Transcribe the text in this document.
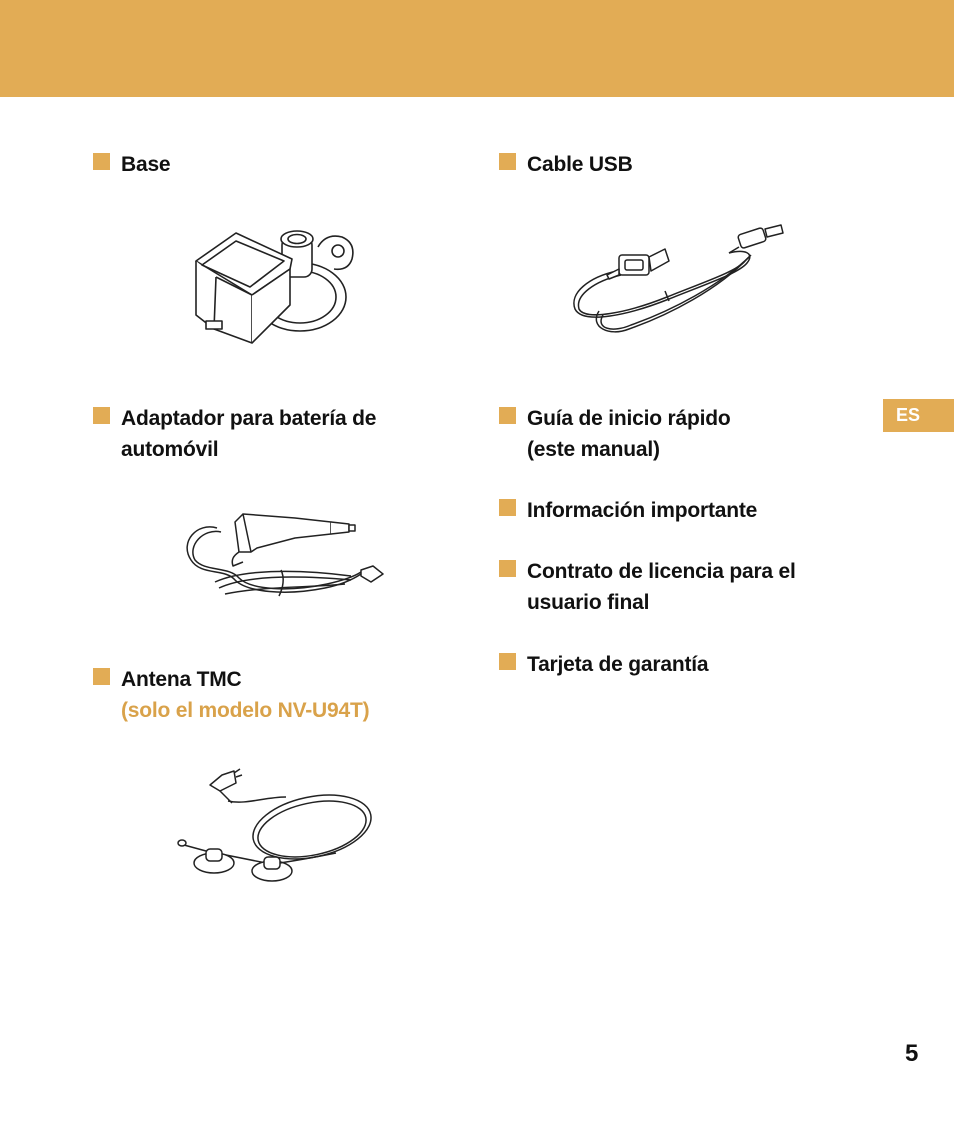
Base
Adaptador para batería de
automóvil
Antena TMC
(solo el modelo NV-U94T)
Cable USB
Guía de inicio rápido
(este manual)
Información importante
Contrato de licencia para el
usuario final
Tarjeta de garantía
ES
5
